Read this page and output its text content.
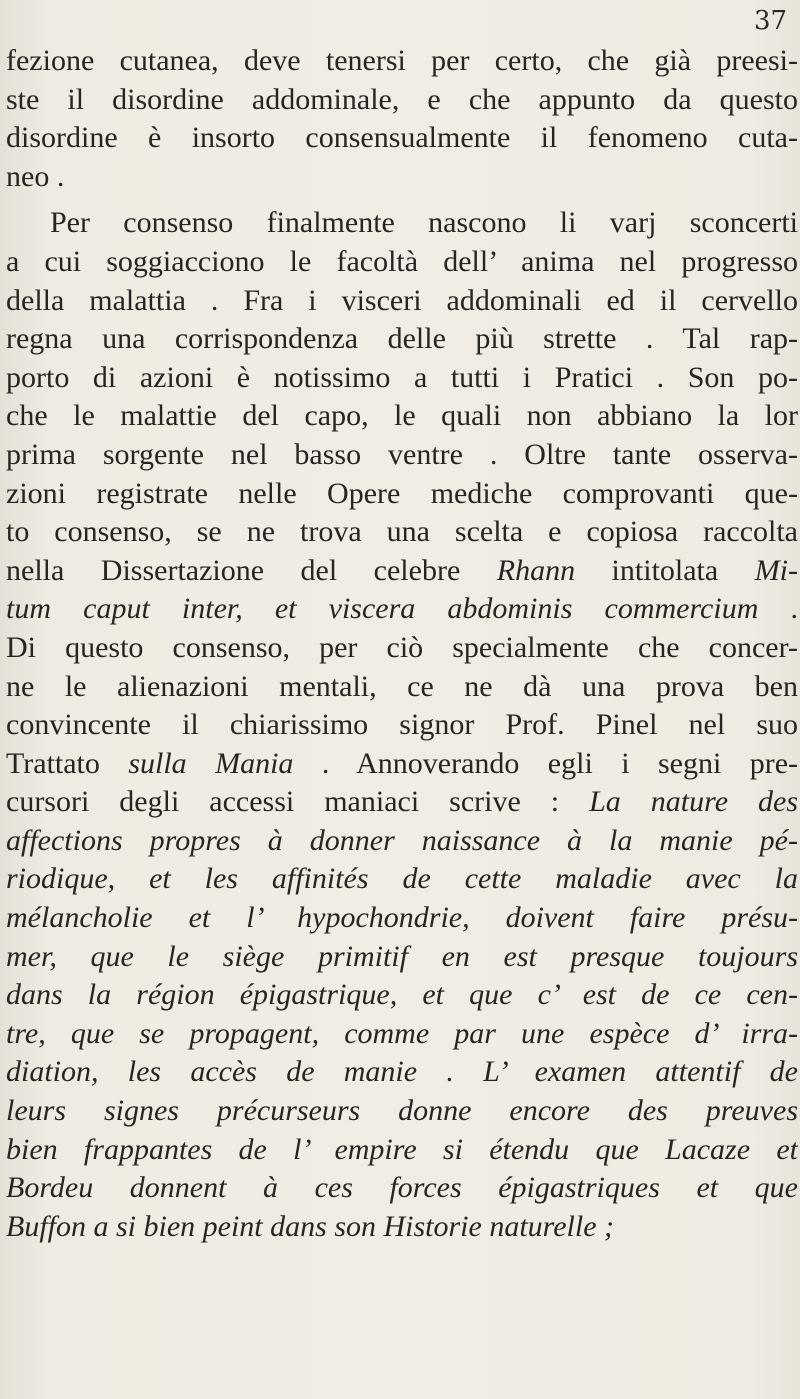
37
fezione cutanea, deve tenersi per certo, che già preesi-
ste il disordine addominale, e che appunto da questo
disordine è insorto consensualmente il fenomeno cuta-
neo .
Per consenso finalmente nascono li varj sconcerti
a cui soggiacciono le facoltà dell’ anima nel progresso
della malattia . Fra i visceri addominali ed il cervello
regna una corrispondenza delle più strette . Tal rap-
porto di azioni è notissimo a tutti i Pratici . Son po-
che le malattie del capo, le quali non abbiano la lor
prima sorgente nel basso ventre . Oltre tante osserva-
zioni registrate nelle Opere mediche comprovanti que-
to consenso, se ne trova una scelta e copiosa raccolta
nella Dissertazione del celebre Rhann intitolata Mi-
tum caput inter, et viscera abdominis commercium .
Di questo consenso, per ciò specialmente che concer-
ne le alienazioni mentali, ce ne dà una prova ben
convincente il chiarissimo signor Prof. Pinel nel suo
Trattato sulla Mania . Annoverando egli i segni pre-
cursori degli accessi maniaci scrive : La nature des
affections propres à donner naissance à la manie pé-
riodique, et les affinités de cette maladie avec la
mélancholie et l’ hypochondrie, doivent faire présu-
mer, que le siège primitif en est presque toujours
dans la région épigastrique, et que c’ est de ce cen-
tre, que se propagent, comme par une espèce d’ irra-
diation, les accès de manie . L’ examen attentif de
leurs signes précurseurs donne encore des preuves
bien frappantes de l’ empire si étendu que Lacaze et
Bordeu donnent à ces forces épigastriques et que
Buffon a si bien peint dans son Historie naturelle ;
